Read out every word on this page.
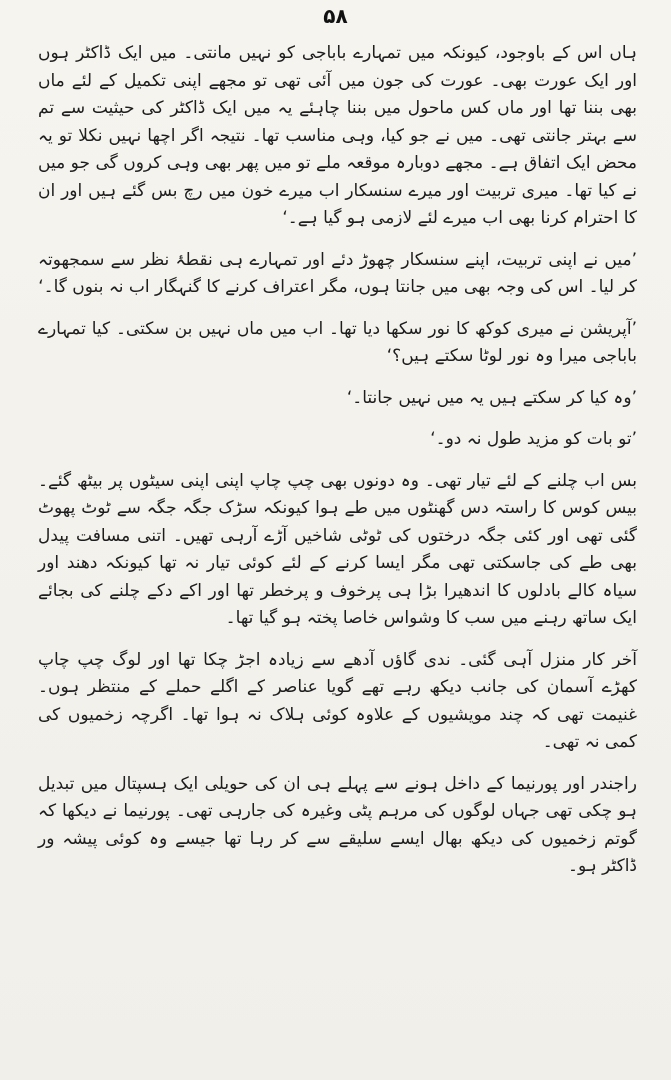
۵۸

ہاں اس کے باوجود، کیونکہ میں تمہارے باباجی کو نہیں مانتی۔ میں ایک ڈاکٹر ہوں اور ایک عورت بھی۔ عورت کی جون میں آئی تھی تو مجھے اپنی تکمیل کے لئے ماں بھی بننا تھا اور ماں کس ماحول میں بننا چاہئے یہ میں ایک ڈاکٹر کی حیثیت سے تم سے بہتر جانتی تھی۔ میں نے جو کیا، وہی مناسب تھا۔ نتیجہ اگر اچھا نہیں نکلا تو یہ محض ایک اتفاق ہے۔ مجھے دوبارہ موقعہ ملے تو میں پھر بھی وہی کروں گی جو میں نے کیا تھا۔ میری تربیت اور میرے سنسکار اب میرے خون میں رچ بس گئے ہیں اور ان کا احترام کرنا بھی اب میرے لئے لازمی ہو گیا ہے۔‘

’میں نے اپنی تربیت، اپنے سنسکار چھوڑ دئے اور تمہارے ہی نقطۂ نظر سے سمجھوتہ کر لیا۔ اس کی وجہ بھی میں جانتا ہوں، مگر اعتراف کرنے کا گنہگار اب نہ بنوں گا۔‘

’آپریشن نے میری کوکھ کا نور سکھا دیا تھا۔ اب میں ماں نہیں بن سکتی۔ کیا تمہارے باباجی میرا وہ نور لوٹا سکتے ہیں؟‘

’وہ کیا کر سکتے ہیں یہ میں نہیں جانتا۔‘

’تو بات کو مزید طول نہ دو۔‘

بس اب چلنے کے لئے تیار تھی۔ وہ دونوں بھی چپ چاپ اپنی اپنی سیٹوں پر بیٹھ گئے۔ بیس کوس کا راستہ دس گھنٹوں میں طے ہوا کیونکہ سڑک جگہ جگہ سے ٹوٹ پھوٹ گئی تھی اور کئی جگہ درختوں کی ٹوٹی شاخیں آڑے آرہی تھیں۔ اتنی مسافت پیدل بھی طے کی جاسکتی تھی مگر ایسا کرنے کے لئے کوئی تیار نہ تھا کیونکہ دھند اور سیاہ کالے بادلوں کا اندھیرا بڑا ہی پرخوف و پرخطر تھا اور اکے دکے چلنے کی بجائے ایک ساتھ رہنے میں سب کا وشواس خاصا پختہ ہو گیا تھا۔

آخر کار منزل آہی گئی۔ ندی گاؤں آدھے سے زیادہ اجڑ چکا تھا اور لوگ چپ چاپ کھڑے آسمان کی جانب دیکھ رہے تھے گویا عناصر کے اگلے حملے کے منتظر ہوں۔ غنیمت تھی کہ چند مویشیوں کے علاوہ کوئی ہلاک نہ ہوا تھا۔ اگرچہ زخمیوں کی کمی نہ تھی۔

راجندر اور پورنیما کے داخل ہونے سے پہلے ہی ان کی حویلی ایک ہسپتال میں تبدیل ہو چکی تھی جہاں لوگوں کی مرہم پٹی وغیرہ کی جارہی تھی۔ پورنیما نے دیکھا کہ گوتم زخمیوں کی دیکھ بھال ایسے سلیقے سے کر رہا تھا جیسے وہ کوئی پیشہ ور ڈاکٹر ہو۔
